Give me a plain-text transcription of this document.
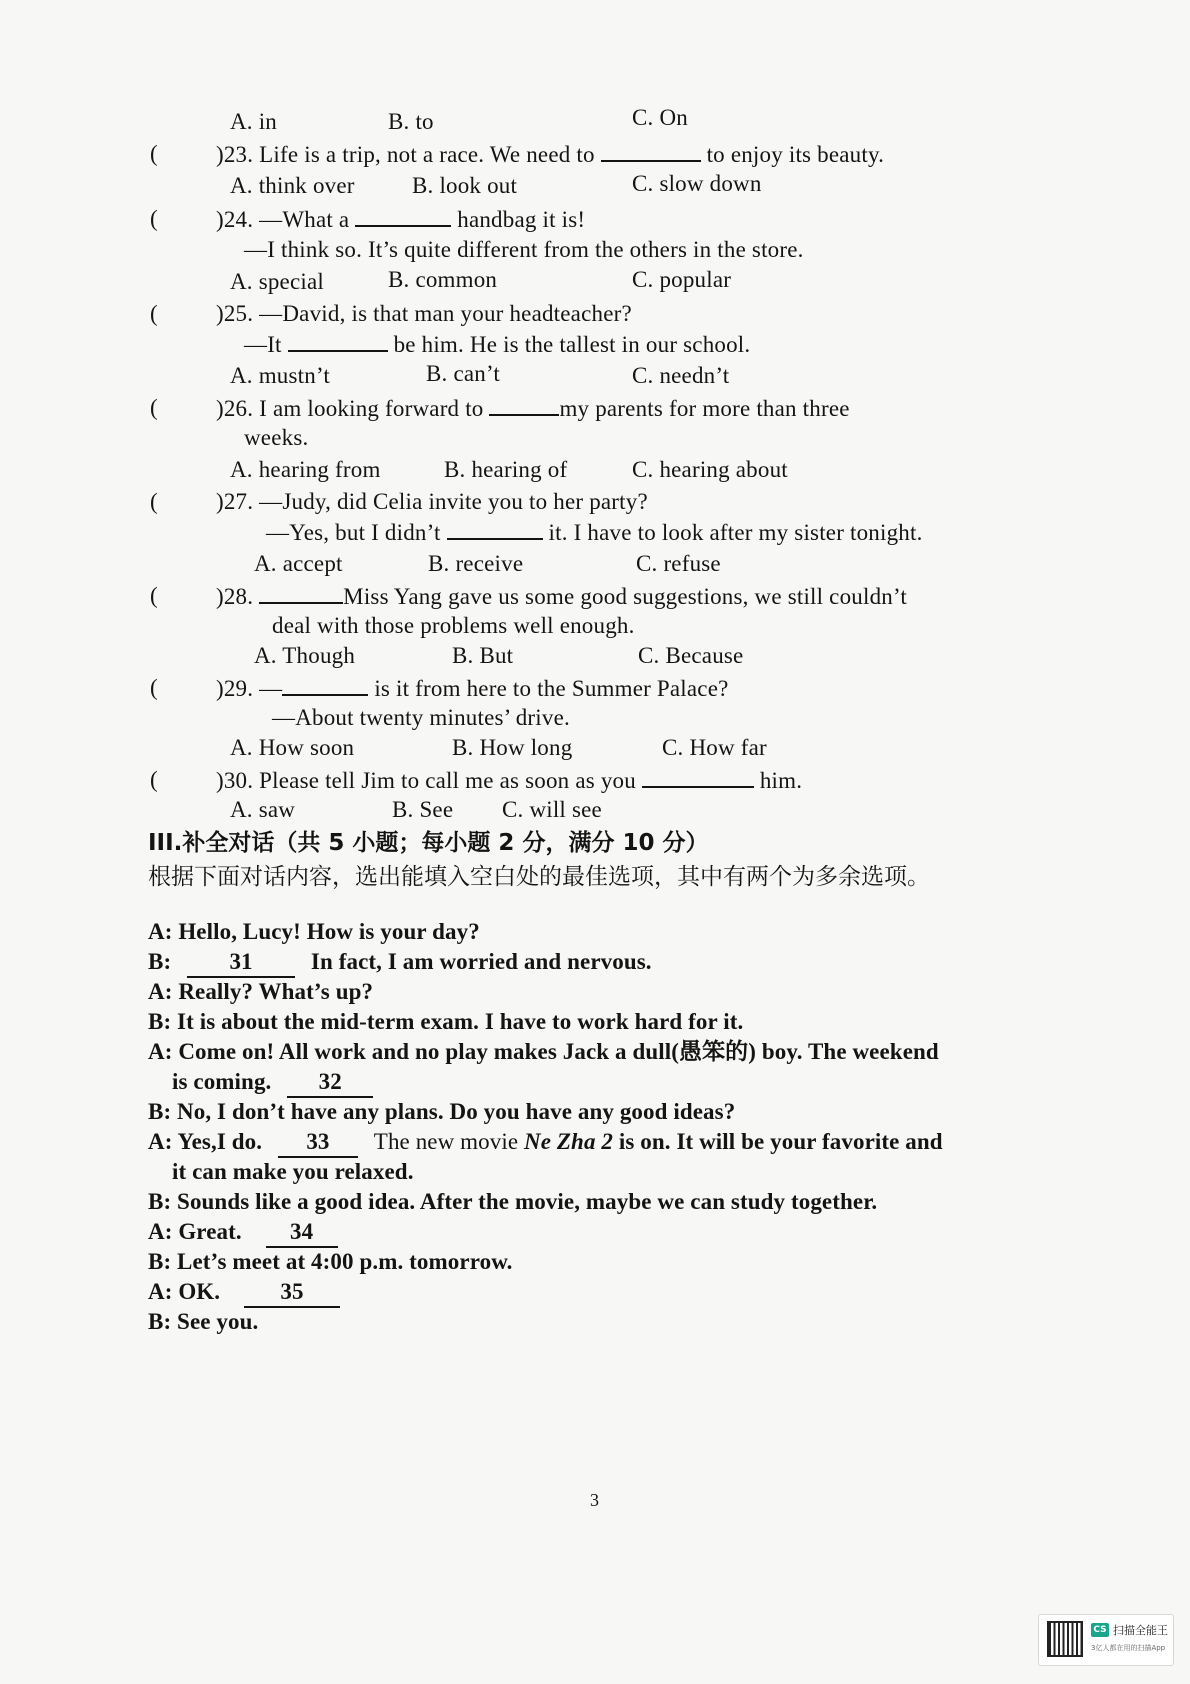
A. in	B. to	C. On
(	)23. Life is a trip, not a race. We need to	to enjoy its beauty.
A. think over B. look out	C. slow down
(	)24. —What a	handbag it is!
—I think so. It’s quite different from the others in the store.
A. special	B. common	C. popular
(	)25. —David, is that man your headteacher?
—It	be him. He is the tallest in our school.
A. mustn’t	B. can’t	C. needn’t
(	)26. I am looking forward to	my parents for more than three
weeks.
A. hearing from	B. hearing of	C. hearing about
(	)27. —Judy, did Celia invite you to her party?
—Yes, but I didn’t	it. I have to look after my sister tonight.
A. accept	B. receive	C. refuse
(	)28.	Miss Yang gave us some good suggestions, we still couldn’t
deal with those problems well enough.
A. Though	B. But	C. Because
(	)29. —	is it from here to the Summer Palace?
—About twenty minutes’ drive.
A. How soon	B. How long	C. How far
(	)30. Please tell Jim to call me as soon as you	him.
A. saw	B. See C. will see
III.补全对话（共 5 小题；每小题 2 分，满分 10 分）
根据下面对话内容，选出能填入空白处的最佳选项，其中有两个为多余选项。
A: Hello, Lucy! How is your day?
B:	31	In fact, I am worried and nervous.
A: Really? What’s up?
B: It is about the mid-term exam. I have to work hard for it.
A: Come on! All work and no play makes Jack a dull(愚笨的) boy. The weekend
is coming. 32
B: No, I don’t have any plans. Do you have any good ideas?
A: Yes,I do. 33 The new movie Ne Zha 2 is on. It will be your favorite and
it can make you relaxed.
B: Sounds like a good idea. After the movie, maybe we can study together.
A: Great. 34
B: Let’s meet at 4:00 p.m. tomorrow.
A: OK.	35
B: See you.
3
CS 扫描全能王
3亿人都在用的扫描App
